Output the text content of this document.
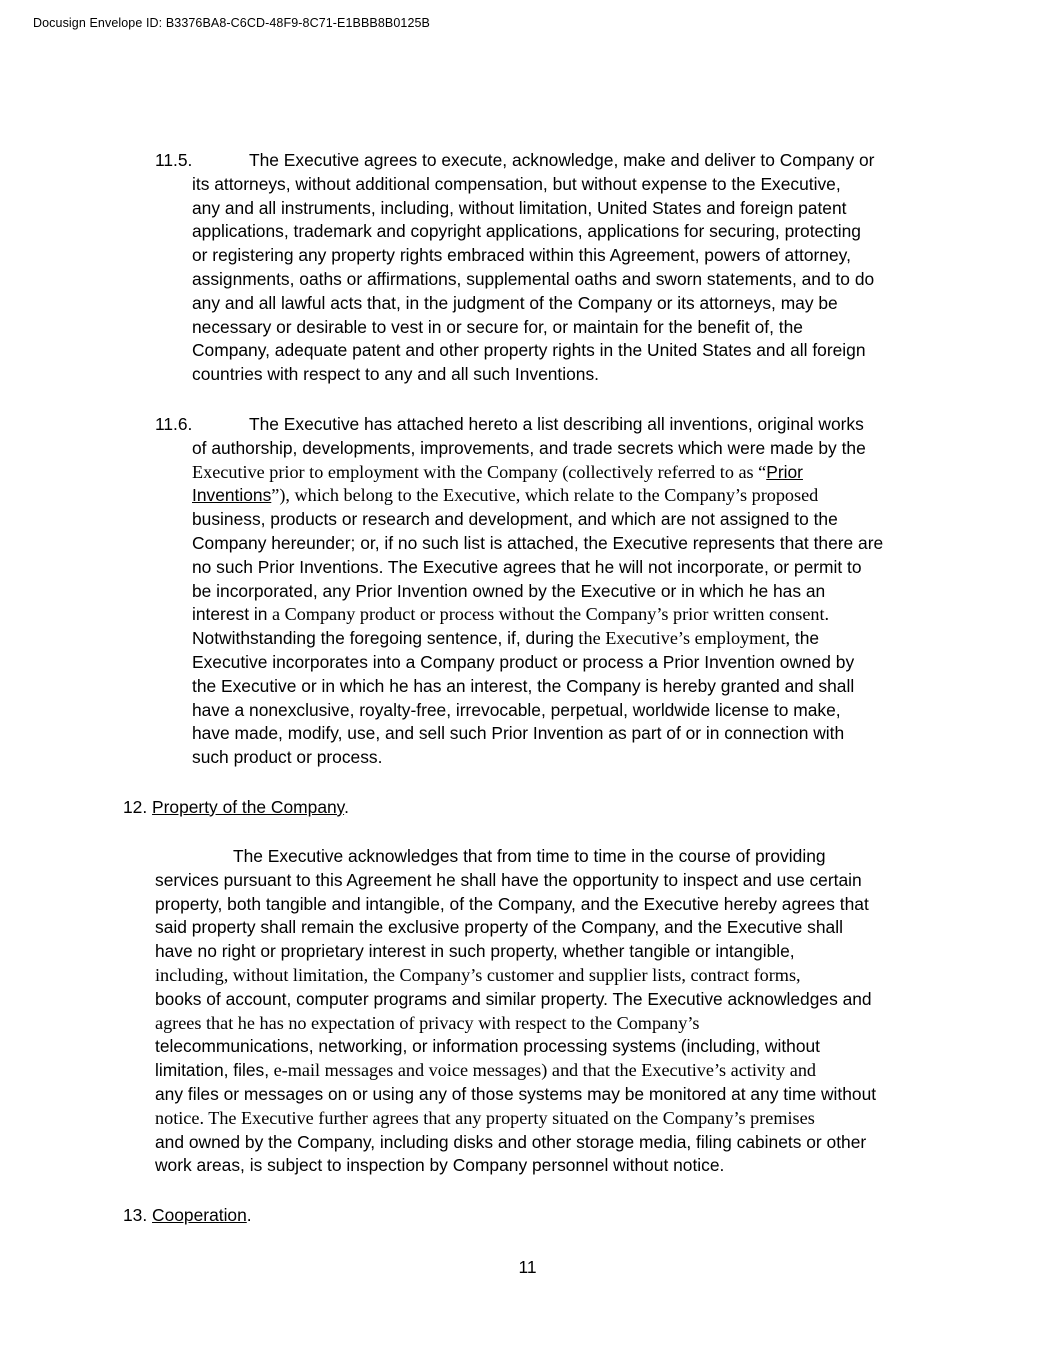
Docusign Envelope ID: B3376BA8-C6CD-48F9-8C71-E1BBB8B0125B
11.5.	The Executive agrees to execute, acknowledge, make and deliver to Company or
its attorneys, without additional compensation, but without expense to the Executive,
any and all instruments, including, without limitation, United States and foreign patent
applications, trademark and copyright applications, applications for securing, protecting
or registering any property rights embraced within this Agreement, powers of attorney,
assignments, oaths or affirmations, supplemental oaths and sworn statements, and to do
any and all lawful acts that, in the judgment of the Company or its attorneys, may be
necessary or desirable to vest in or secure for, or maintain for the benefit of, the
Company, adequate patent and other property rights in the United States and all foreign
countries with respect to any and all such Inventions.
11.6.	The Executive has attached hereto a list describing all inventions, original works
of authorship, developments, improvements, and trade secrets which were made by the
Executive prior to employment with the Company (collectively referred to as “Prior
Inventions”), which belong to the Executive, which relate to the Company’s proposed
business, products or research and development, and which are not assigned to the
Company hereunder; or, if no such list is attached, the Executive represents that there are
no such Prior Inventions. The Executive agrees that he will not incorporate, or permit to
be incorporated, any Prior Invention owned by the Executive or in which he has an
interest in a Company product or process without the Company’s prior written consent.
Notwithstanding the foregoing sentence, if, during the Executive’s employment, the
Executive incorporates into a Company product or process a Prior Invention owned by
the Executive or in which he has an interest, the Company is hereby granted and shall
have a nonexclusive, royalty-free, irrevocable, perpetual, worldwide license to make,
have made, modify, use, and sell such Prior Invention as part of or in connection with
such product or process.
12. Property of the Company.
The Executive acknowledges that from time to time in the course of providing
services pursuant to this Agreement he shall have the opportunity to inspect and use certain
property, both tangible and intangible, of the Company, and the Executive hereby agrees that
said property shall remain the exclusive property of the Company, and the Executive shall
have no right or proprietary interest in such property, whether tangible or intangible,
including, without limitation, the Company’s customer and supplier lists, contract forms,
books of account, computer programs and similar property. The Executive acknowledges and
agrees that he has no expectation of privacy with respect to the Company’s
telecommunications, networking, or information processing systems (including, without
limitation, files, e-mail messages and voice messages) and that the Executive’s activity and
any files or messages on or using any of those systems may be monitored at any time without
notice. The Executive further agrees that any property situated on the Company’s premises
and owned by the Company, including disks and other storage media, filing cabinets or other
work areas, is subject to inspection by Company personnel without notice.
13. Cooperation.
11
